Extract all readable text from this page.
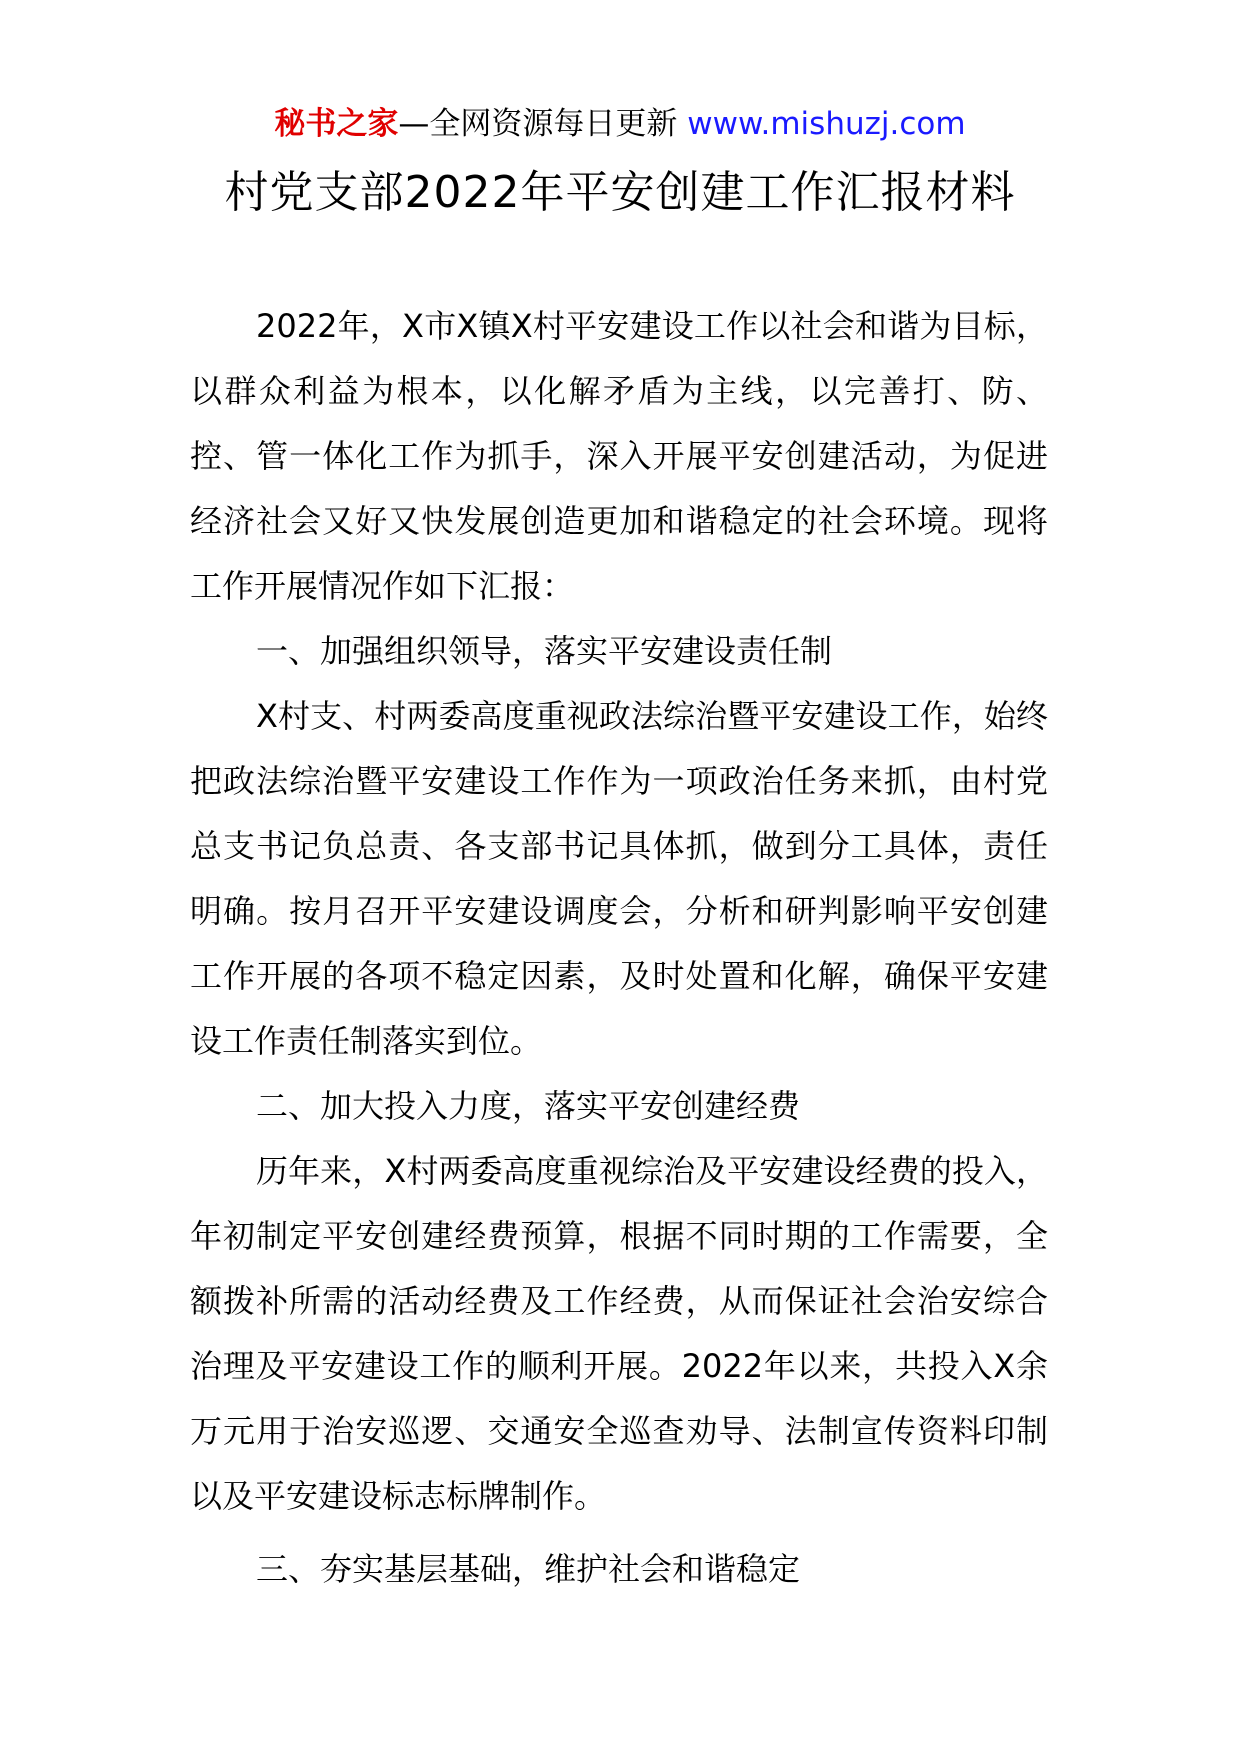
秘书之家—全网资源每日更新 www.mishuzj.com
村党支部2022年平安创建工作汇报材料

2022年，X市X镇X村平安建设工作以社会和谐为目标，以群众利益为根本，以化解矛盾为主线，以完善打、防、控、管一体化工作为抓手，深入开展平安创建活动，为促进经济社会又好又快发展创造更加和谐稳定的社会环境。现将工作开展情况作如下汇报：

一、加强组织领导，落实平安建设责任制

X村支、村两委高度重视政法综治暨平安建设工作，始终把政法综治暨平安建设工作作为一项政治任务来抓，由村党总支书记负总责、各支部书记具体抓，做到分工具体，责任明确。按月召开平安建设调度会，分析和研判影响平安创建工作开展的各项不稳定因素，及时处置和化解，确保平安建设工作责任制落实到位。

二、加大投入力度，落实平安创建经费

历年来，X村两委高度重视综治及平安建设经费的投入，年初制定平安创建经费预算，根据不同时期的工作需要，全额拨补所需的活动经费及工作经费，从而保证社会治安综合治理及平安建设工作的顺利开展。2022年以来，共投入X余万元用于治安巡逻、交通安全巡查劝导、法制宣传资料印制以及平安建设标志标牌制作。

三、夯实基层基础，维护社会和谐稳定
